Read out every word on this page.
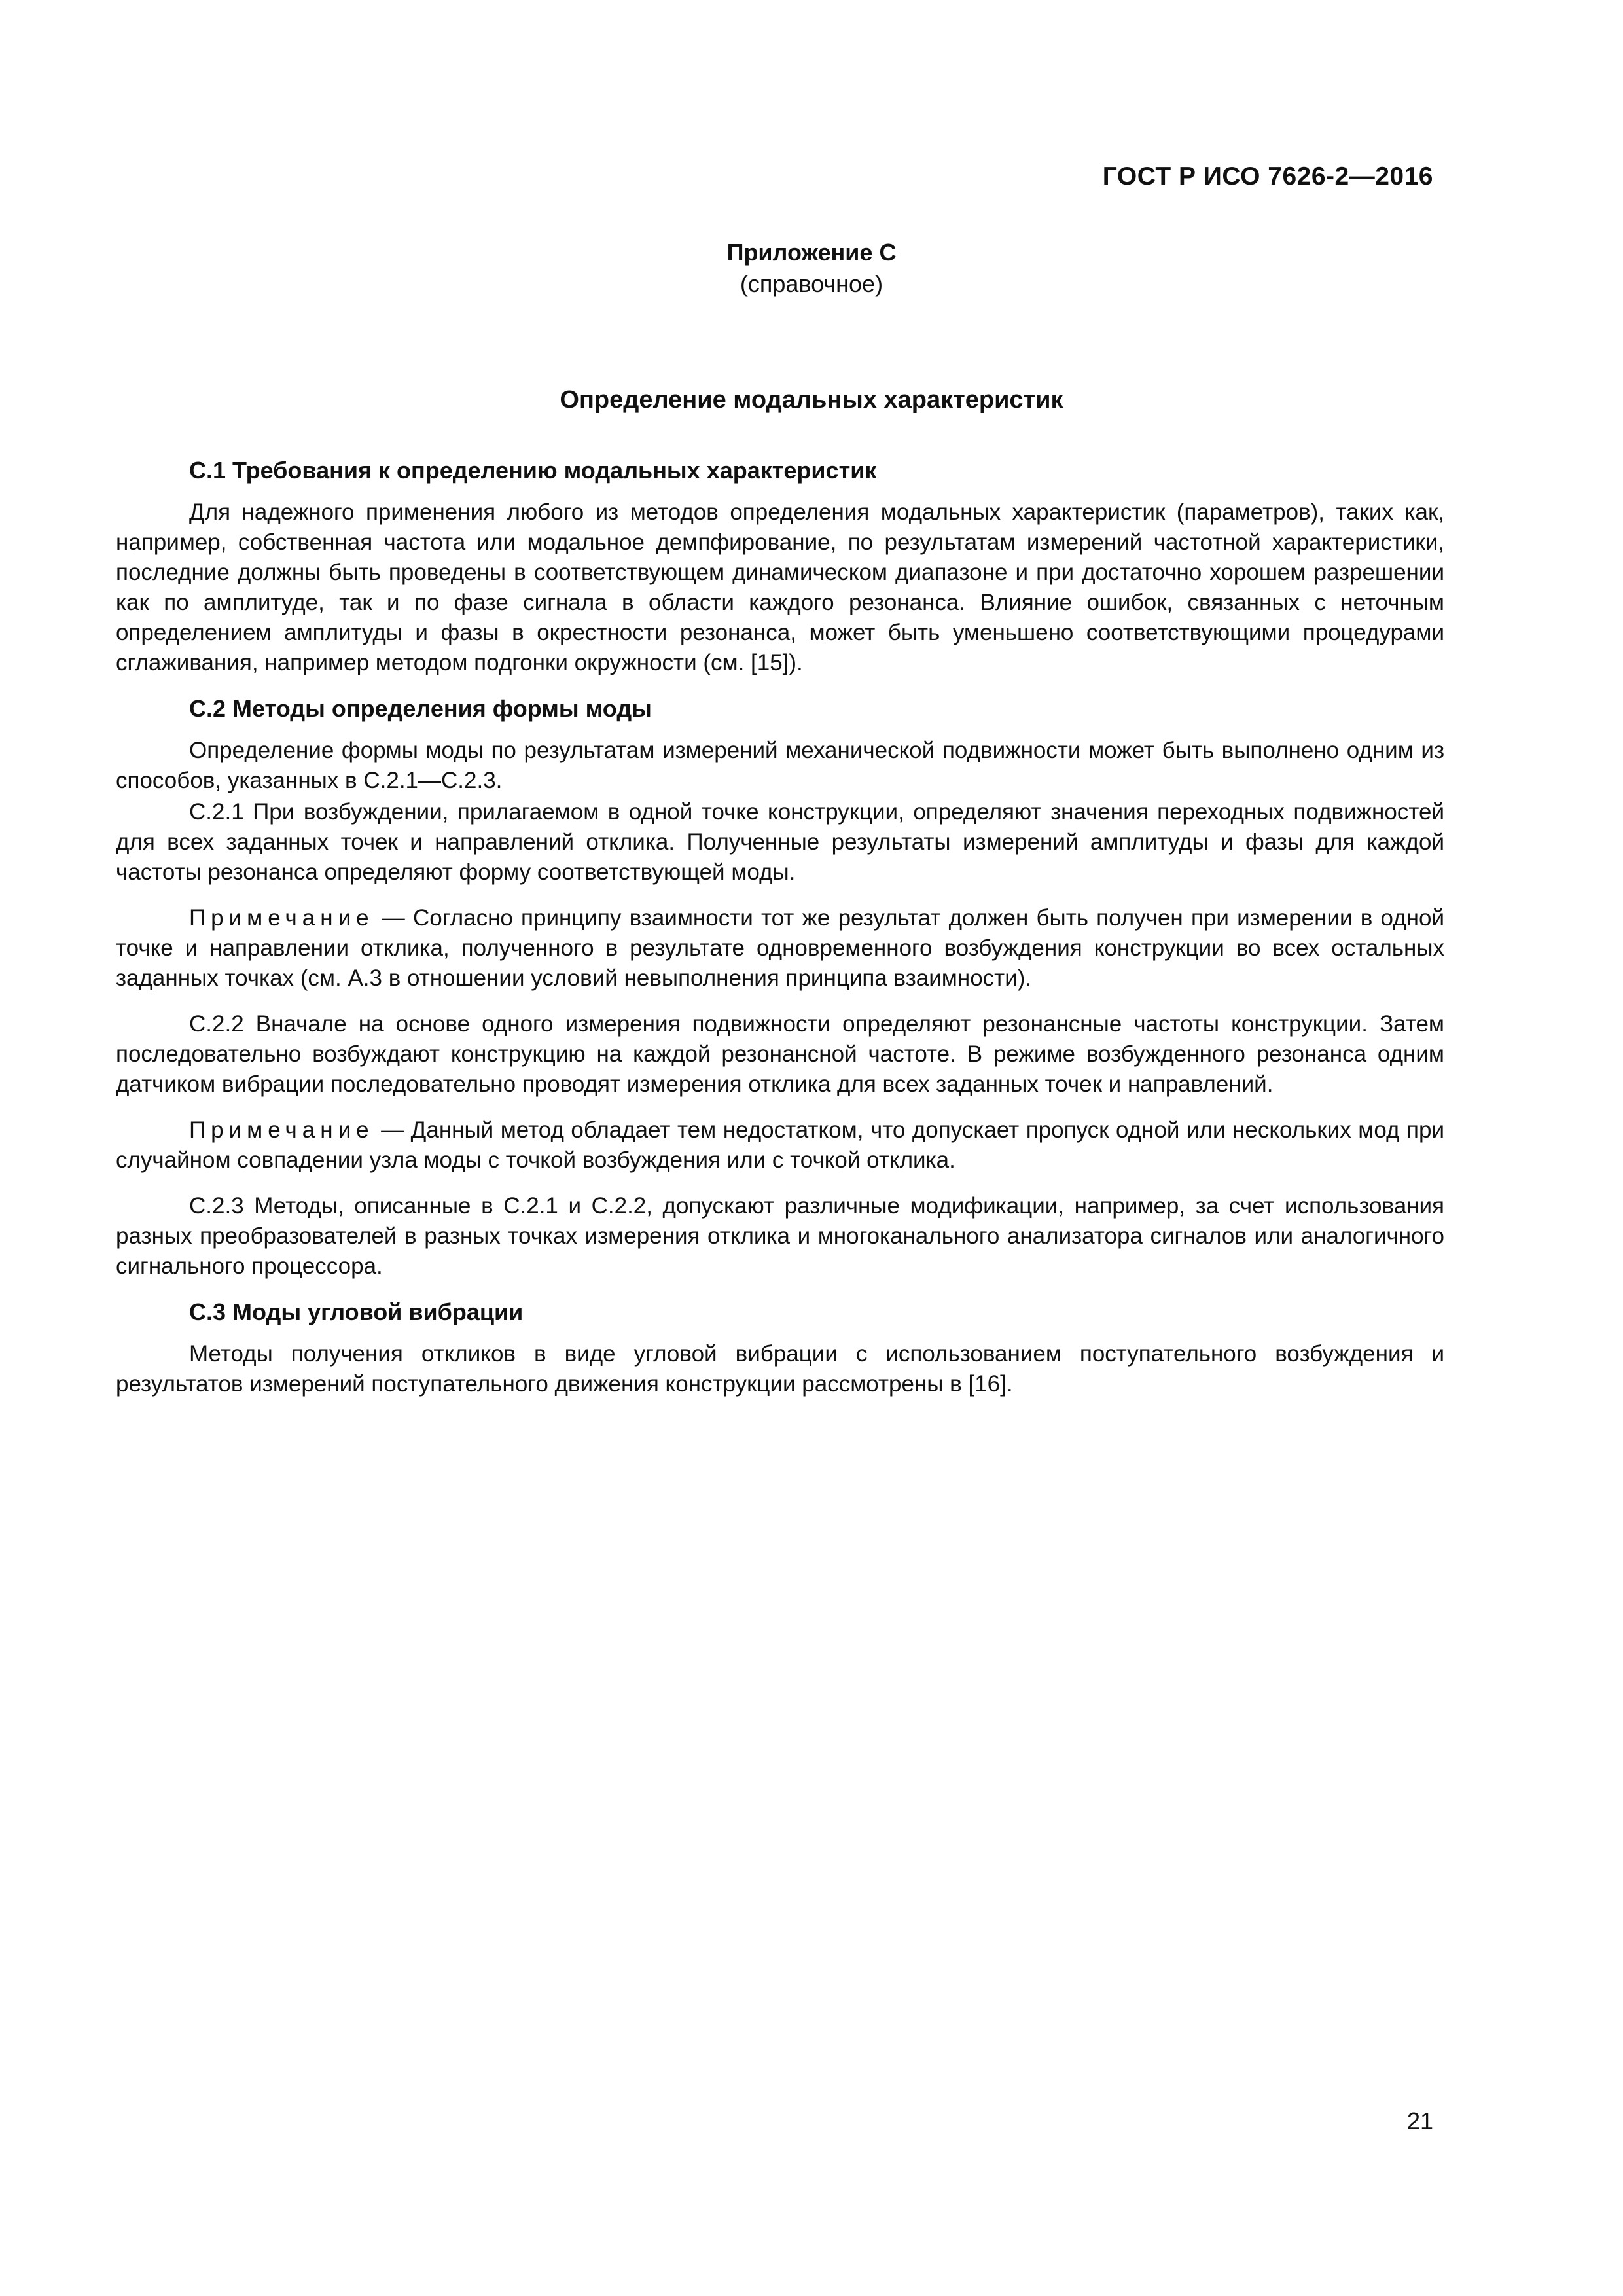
ГОСТ Р ИСО 7626-2—2016
Приложение С
(справочное)
Определение модальных характеристик
С.1 Требования к определению модальных характеристик

Для надежного применения любого из методов определения модальных характеристик (параметров), таких как, например, собственная частота или модальное демпфирование, по результатам измерений частотной характеристики, последние должны быть проведены в соответствующем динамическом диапазоне и при достаточно хорошем разрешении как по амплитуде, так и по фазе сигнала в области каждого резонанса. Влияние ошибок, связанных с неточным определением амплитуды и фазы в окрестности резонанса, может быть уменьшено соответствующими процедурами сглаживания, например методом подгонки окружности (см. [15]).

С.2 Методы определения формы моды

Определение формы моды по результатам измерений механической подвижности может быть выполнено одним из способов, указанных в С.2.1—С.2.3.

С.2.1 При возбуждении, прилагаемом в одной точке конструкции, определяют значения переходных подвижностей для всех заданных точек и направлений отклика. Полученные результаты измерений амплитуды и фазы для каждой частоты резонанса определяют форму соответствующей моды.

Примечание — Согласно принципу взаимности тот же результат должен быть получен при измерении в одной точке и направлении отклика, полученного в результате одновременного возбуждения конструкции во всех остальных заданных точках (см. А.3 в отношении условий невыполнения принципа взаимности).

С.2.2 Вначале на основе одного измерения подвижности определяют резонансные частоты конструкции. Затем последовательно возбуждают конструкцию на каждой резонансной частоте. В режиме возбужденного резонанса одним датчиком вибрации последовательно проводят измерения отклика для всех заданных точек и направлений.

Примечание — Данный метод обладает тем недостатком, что допускает пропуск одной или нескольких мод при случайном совпадении узла моды с точкой возбуждения или с точкой отклика.

С.2.3 Методы, описанные в С.2.1 и С.2.2, допускают различные модификации, например, за счет использования разных преобразователей в разных точках измерения отклика и многоканального анализатора сигналов или аналогичного сигнального процессора.

С.3 Моды угловой вибрации

Методы получения откликов в виде угловой вибрации с использованием поступательного возбуждения и результатов измерений поступательного движения конструкции рассмотрены в [16].

21
